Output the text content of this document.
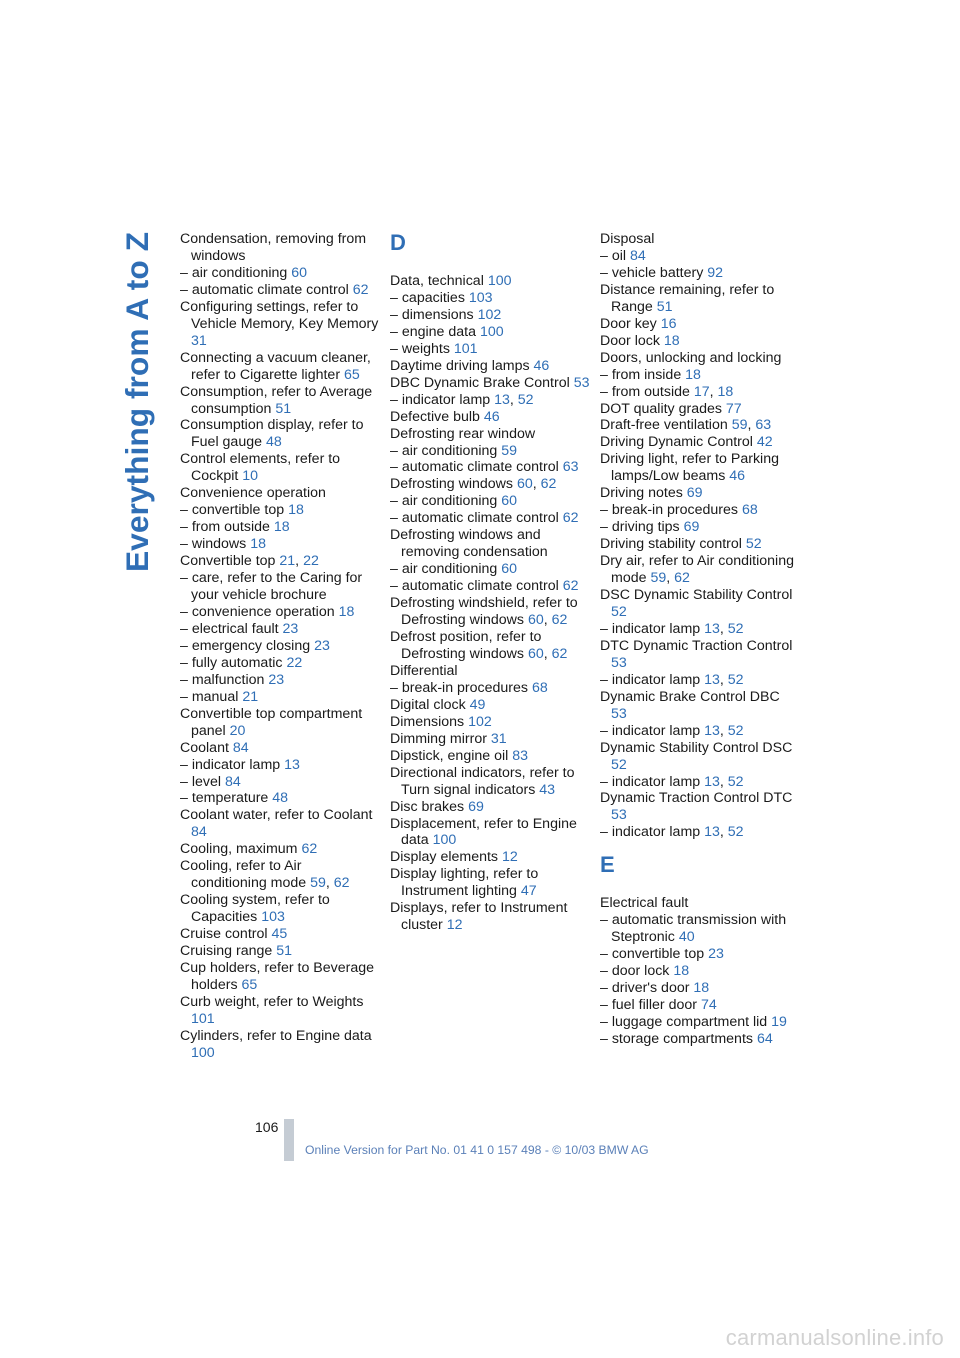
Everything from A to Z Condensation, removing from windows

– air conditioning 60

– automatic climate control 62

Configuring settings, refer to Vehicle Memory, Key Memory 31

Connecting a vacuum cleaner, refer to Cigarette lighter 65

Consumption, refer to Average consumption 51

Consumption display, refer to Fuel gauge 48

Control elements, refer to Cockpit 10

Convenience operation

– convertible top 18

– from outside 18

– windows 18

Convertible top 21, 22

– care, refer to the Caring for your vehicle brochure

– convenience operation 18

– electrical fault 23

– emergency closing 23

– fully automatic 22

– malfunction 23

– manual 21

Convertible top compartment panel 20

Coolant 84

– indicator lamp 13

– level 84

– temperature 48

Coolant water, refer to Coolant 84

Cooling, maximum 62

Cooling, refer to Air conditioning mode 59, 62

Cooling system, refer to Capacities 103

Cruise control 45

Cruising range 51

Cup holders, refer to Beverage holders 65

Curb weight, refer to Weights 101

Cylinders, refer to Engine data 100

D

Data, technical 100

– capacities 103

– dimensions 102

– engine data 100

– weights 101

Daytime driving lamps 46

DBC Dynamic Brake Control 53

– indicator lamp 13, 52

Defective bulb 46

Defrosting rear window

– air conditioning 59

– automatic climate control 63

Defrosting windows 60, 62

– air conditioning 60

– automatic climate control 62

Defrosting windows and removing condensation

– air conditioning 60

– automatic climate control 62

Defrosting windshield, refer to Defrosting windows 60, 62

Defrost position, refer to Defrosting windows 60, 62

Differential

– break-in procedures 68

Digital clock 49

Dimensions 102

Dimming mirror 31

Dipstick, engine oil 83

Directional indicators, refer to Turn signal indicators 43

Disc brakes 69

Displacement, refer to Engine data 100

Display elements 12

Display lighting, refer to Instrument lighting 47

Displays, refer to Instrument cluster 12

Disposal

– oil 84

– vehicle battery 92

Distance remaining, refer to Range 51

Door key 16

Door lock 18

Doors, unlocking and locking

– from inside 18

– from outside 17, 18

DOT quality grades 77

Draft-free ventilation 59, 63

Driving Dynamic Control 42

Driving light, refer to Parking lamps/Low beams 46

Driving notes 69

– break-in procedures 68

– driving tips 69

Driving stability control 52

Dry air, refer to Air conditioning mode 59, 62

DSC Dynamic Stability Control 52

– indicator lamp 13, 52

DTC Dynamic Traction Control 53

– indicator lamp 13, 52

Dynamic Brake Control DBC 53

– indicator lamp 13, 52

Dynamic Stability Control DSC 52

– indicator lamp 13, 52

Dynamic Traction Control DTC 53

– indicator lamp 13, 52

E

Electrical fault

– automatic transmission with Steptronic 40

– convertible top 23

– door lock 18

– driver's door 18

– fuel filler door 74

– luggage compartment lid 19

– storage compartments 64

106
Online Version for Part No. 01 41 0 157 498 - © 10/03 BMW AG
carmanualsonline.info
